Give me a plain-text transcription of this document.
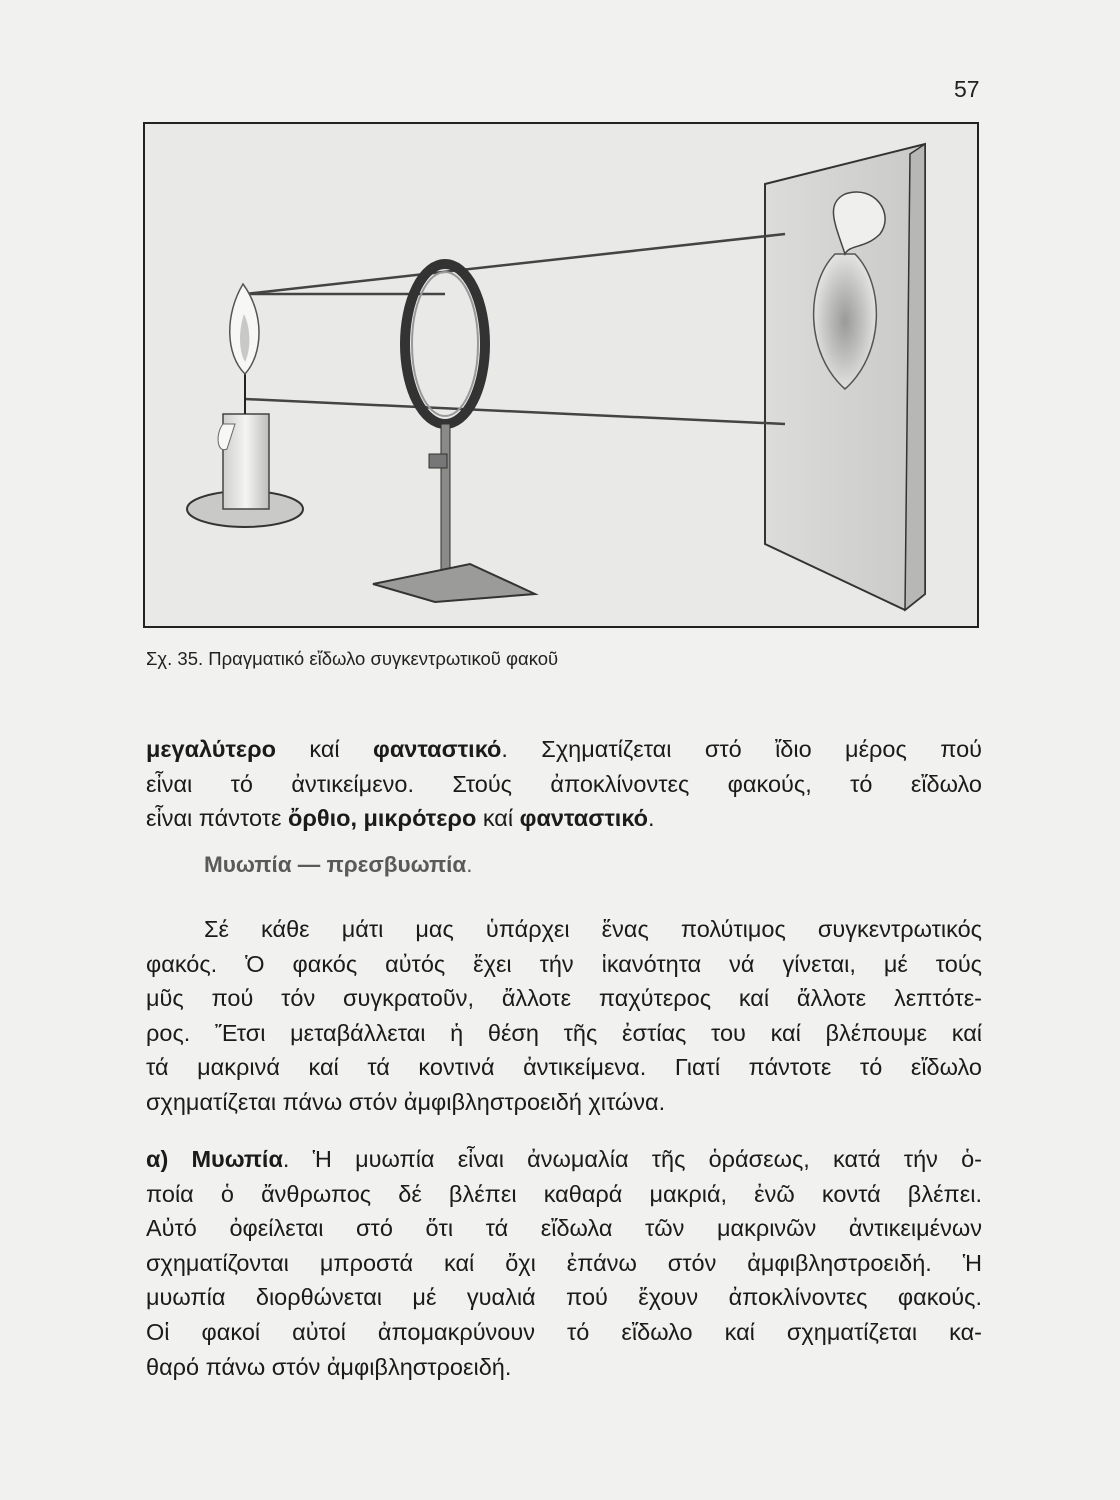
57

Σχ. 35. Πραγματικό εἴδωλο συγκεντρωτικοῦ φακοῦ

μεγαλύτερο καί φανταστικό. Σχηματίζεται στό ἴδιο μέρος πού
εἶναι τό ἀντικείμενο. Στούς ἀποκλίνοντες φακούς, τό εἴδωλο
εἶναι πάντοτε ὄρθιο, μικρότερο καί φανταστικό.

Μυωπία — πρεσβυωπία.

Σέ κάθε μάτι μας ὑπάρχει ἕνας πολύτιμος συγκεντρωτικός
φακός. Ὁ φακός αὐτός ἔχει τήν ἱκανότητα νά γίνεται, μέ τούς
μῦς πού τόν συγκρατοῦν, ἄλλοτε παχύτερος καί ἄλλοτε λεπτότε-
ρος. Ἔτσι μεταβάλλεται ἡ θέση τῆς ἐστίας του καί βλέπουμε καί
τά μακρινά καί τά κοντινά ἀντικείμενα. Γιατί πάντοτε τό εἴδωλο
σχηματίζεται πάνω στόν ἀμφιβληστροειδή χιτώνα.
α) Μυωπία. Ἡ μυωπία εἶναι ἀνωμαλία τῆς ὁράσεως, κατά τήν ὁ-
ποία ὁ ἄνθρωπος δέ βλέπει καθαρά μακριά, ἐνῶ κοντά βλέπει.
Αὐτό ὀφείλεται στό ὅτι τά εἴδωλα τῶν μακρινῶν ἀντικειμένων
σχηματίζονται μπροστά καί ὄχι ἐπάνω στόν ἀμφιβληστροειδή. Ἡ
μυωπία διορθώνεται μέ γυαλιά πού ἔχουν ἀποκλίνοντες φακούς.
Οἱ φακοί αὐτοί ἀπομακρύνουν τό εἴδωλο καί σχηματίζεται κα-
θαρό πάνω στόν ἀμφιβληστροειδή.
